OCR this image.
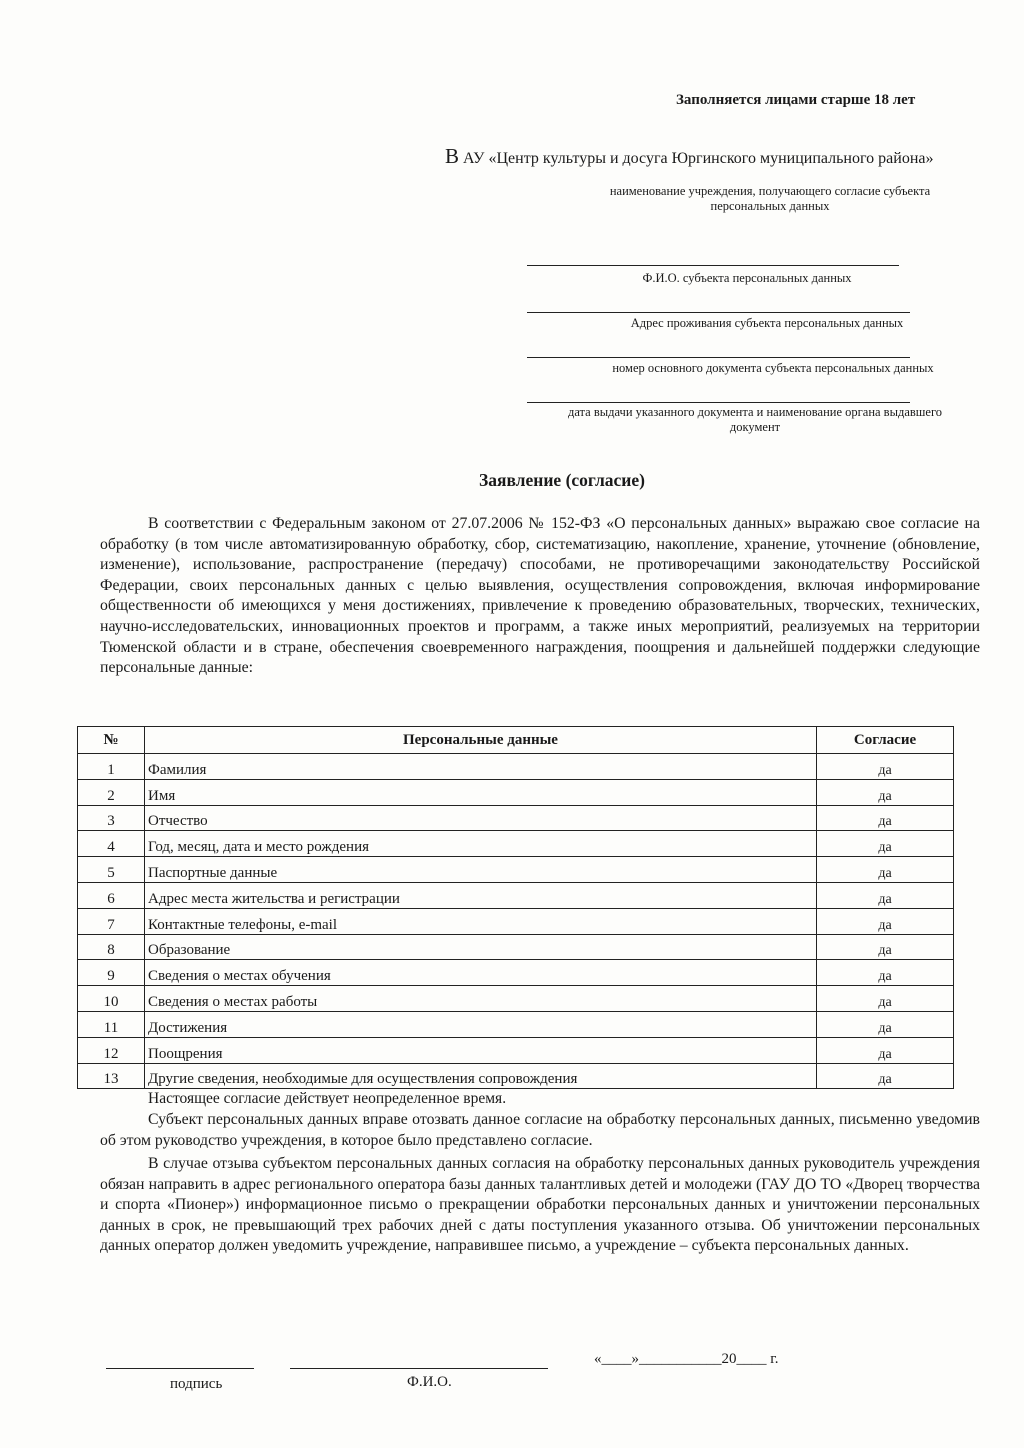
Заполняется лицами старше 18 лет
В АУ «Центр культуры и досуга Юргинского муниципального района»
наименование учреждения, получающего согласие субъекта
персональных данных
Ф.И.О. субъекта персональных данных
Адрес проживания субъекта персональных данных
номер основного документа субъекта персональных данных
дата выдачи указанного документа и наименование органа выдавшего
документ
Заявление (согласие)

В соответствии с Федеральным законом от 27.07.2006 № 152-ФЗ «О персональных данных» выражаю свое согласие на обработку (в том числе автоматизированную обработку, сбор, систематизацию, накопление, хранение, уточнение (обновление, изменение), использование, распространение (передачу) способами, не противоречащими законодательству Российской Федерации, своих персональных данных с целью выявления, осуществления сопровождения, включая информирование общественности об имеющихся у меня достижениях, привлечение к проведению образовательных, творческих, технических, научно-исследовательских, инновационных проектов и программ, а также иных мероприятий, реализуемых на территории Тюменской области и в стране, обеспечения своевременного награждения, поощрения и дальнейшей поддержки следующие персональные данные:

№	Персональные данные	Согласие
1	Фамилия	да
2	Имя	да
3	Отчество	да
4	Год, месяц, дата и место рождения	да
5	Паспортные данные	да
6	Адрес места жительства и регистрации	да
7	Контактные телефоны, e-mail	да
8	Образование	да
9	Сведения о местах обучения	да
10	Сведения о местах работы	да
11	Достижения	да
12	Поощрения	да
13	Другие сведения, необходимые для осуществления сопровождения	да
Настоящее согласие действует неопределенное время.

Субъект персональных данных вправе отозвать данное согласие на обработку персональных данных, письменно уведомив об этом руководство учреждения, в которое было представлено согласие.

В случае отзыва субъектом персональных данных согласия на обработку персональных данных руководитель учреждения обязан направить в адрес регионального оператора базы данных талантливых детей и молодежи (ГАУ ДО ТО «Дворец творчества и спорта «Пионер») информационное письмо о прекращении обработки персональных данных и уничтожении персональных данных в срок, не превышающий трех рабочих дней с даты поступления указанного отзыва. Об уничтожении персональных данных оператор должен уведомить учреждение, направившее письмо, а учреждение – субъекта персональных данных.

подпись	Ф.И.О.
«____»___________20____ г.
